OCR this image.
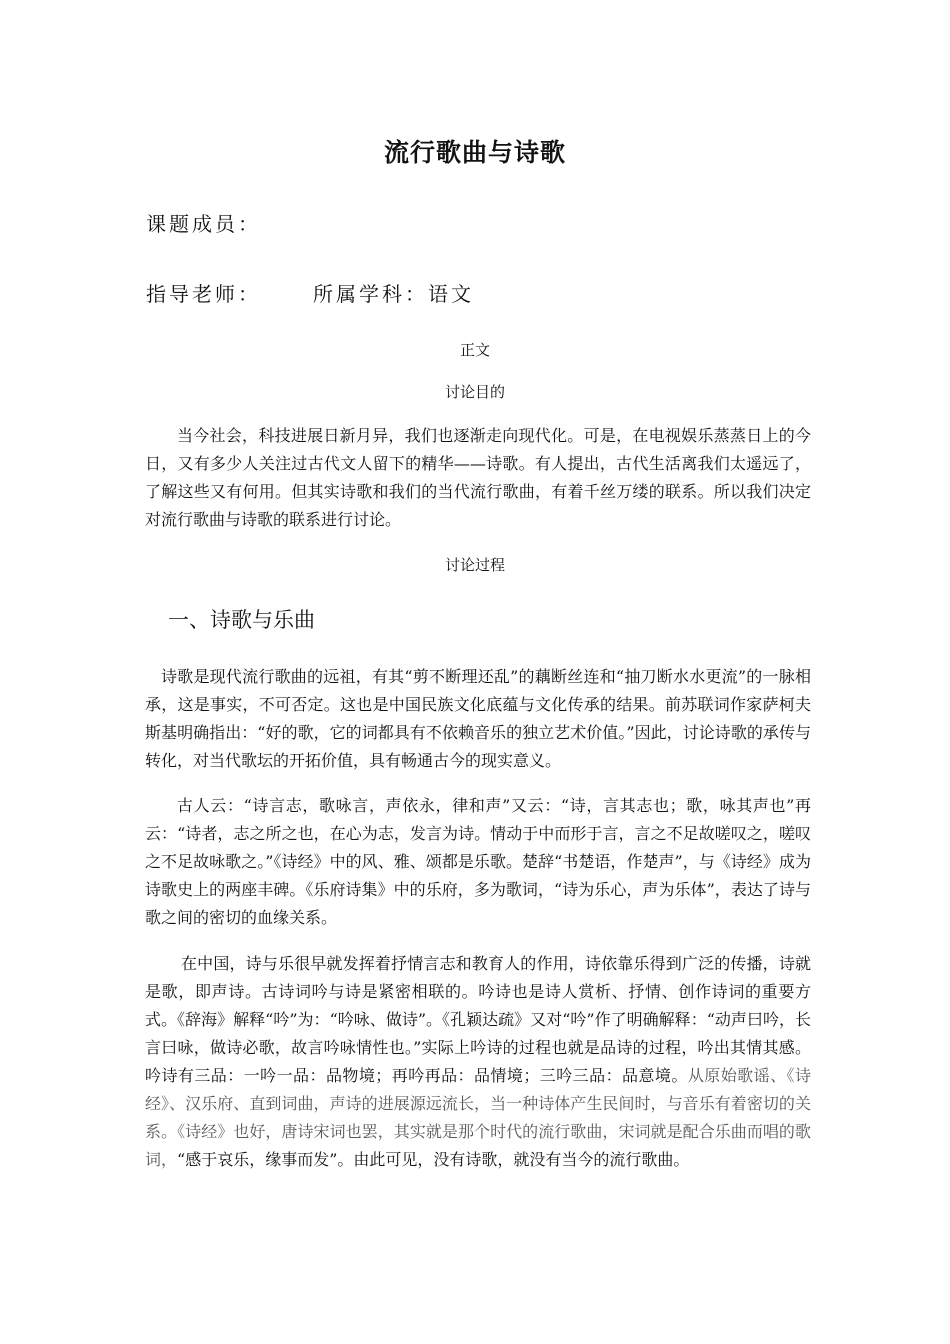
流行歌曲与诗歌
课题成员：
指导老师：	所属学科：语文
正文
讨论目的

当今社会，科技进展日新月异，我们也逐渐走向现代化。可是，在电视娱乐蒸蒸日上的今日，又有多少人关注过古代文人留下的精华——诗歌。有人提出，古代生活离我们太遥远了，了解这些又有何用。但其实诗歌和我们的当代流行歌曲，有着千丝万缕的联系。所以我们决定对流行歌曲与诗歌的联系进行讨论。

讨论过程
一、诗歌与乐曲

诗歌是现代流行歌曲的远祖，有其“剪不断理还乱”的藕断丝连和“抽刀断水水更流”的一脉相承，这是事实，不可否定。这也是中国民族文化底蕴与文化传承的结果。前苏联词作家萨柯夫斯基明确指出：“好的歌，它的词都具有不依赖音乐的独立艺术价值。”因此，讨论诗歌的承传与转化，对当代歌坛的开拓价值，具有畅通古今的现实意义。

古人云：“诗言志，歌咏言，声依永，律和声”又云：“诗，言其志也；歌，咏其声也”再云：“诗者，志之所之也，在心为志，发言为诗。情动于中而形于言，言之不足故嗟叹之，嗟叹之不足故咏歌之。”《诗经》中的风、雅、颂都是乐歌。楚辞“书楚语，作楚声”，与《诗经》成为诗歌史上的两座丰碑。《乐府诗集》中的乐府，多为歌词，“诗为乐心，声为乐体”，表达了诗与歌之间的密切的血缘关系。

在中国，诗与乐很早就发挥着抒情言志和教育人的作用，诗依靠乐得到广泛的传播，诗就是歌，即声诗。古诗词吟与诗是紧密相联的。吟诗也是诗人赏析、抒情、创作诗词的重要方式。《辞海》解释“吟”为：“吟咏、做诗”。《孔颖达疏》又对“吟”作了明确解释：“动声曰吟，长言曰咏，做诗必歌，故言吟咏情性也。”实际上吟诗的过程也就是品诗的过程，吟出其情其感。吟诗有三品：一吟一品：品物境；再吟再品：品情境；三吟三品：品意境。从原始歌谣、《诗经》、汉乐府、直到词曲，声诗的进展源远流长，当一种诗体产生民间时，与音乐有着密切的关系。《诗经》也好，唐诗宋词也罢，其实就是那个时代的流行歌曲，宋词就是配合乐曲而唱的歌词，“感于哀乐，缘事而发”。由此可见，没有诗歌，就没有当今的流行歌曲。
